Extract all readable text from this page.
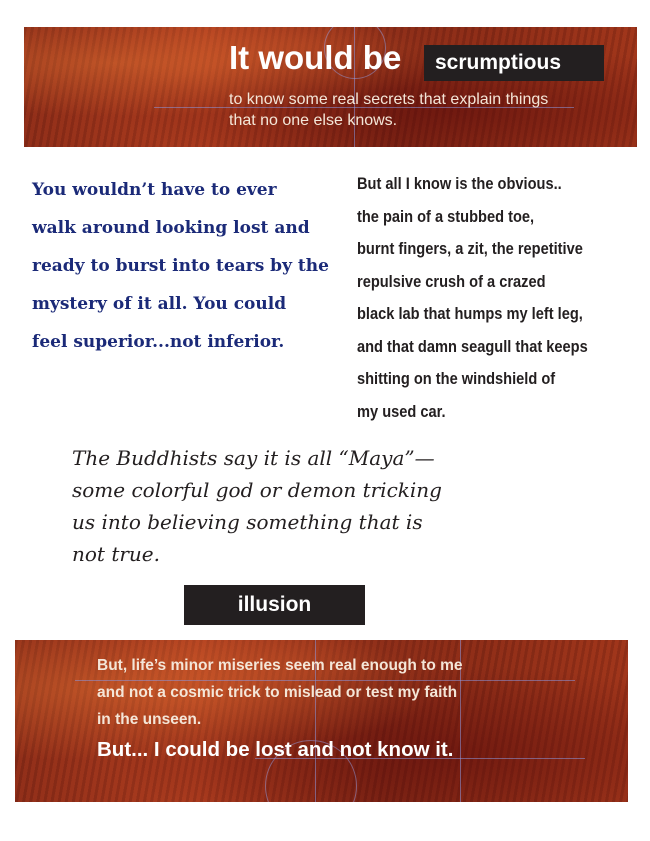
It would be	scrumptious
to know some real secrets that explain things
that no one else knows.
You wouldn’t have to ever
walk around looking lost and
ready to burst into tears by the
mystery of it all. You could
feel superior...not inferior.
But all I know is the obvious..
the pain of a stubbed toe,
burnt fingers, a zit, the repetitive
repulsive crush of a crazed
black lab that humps my left leg,
and that damn seagull that keeps
shitting on the windshield of
my used car.
The Buddhists say it is all “Maya”—
some colorful god or demon tricking
us into believing something that is
not true.
illusion
But, life’s minor miseries seem real enough to me
and not a cosmic trick to mislead or test my faith
in the unseen.
But... I could be lost and not know it.
